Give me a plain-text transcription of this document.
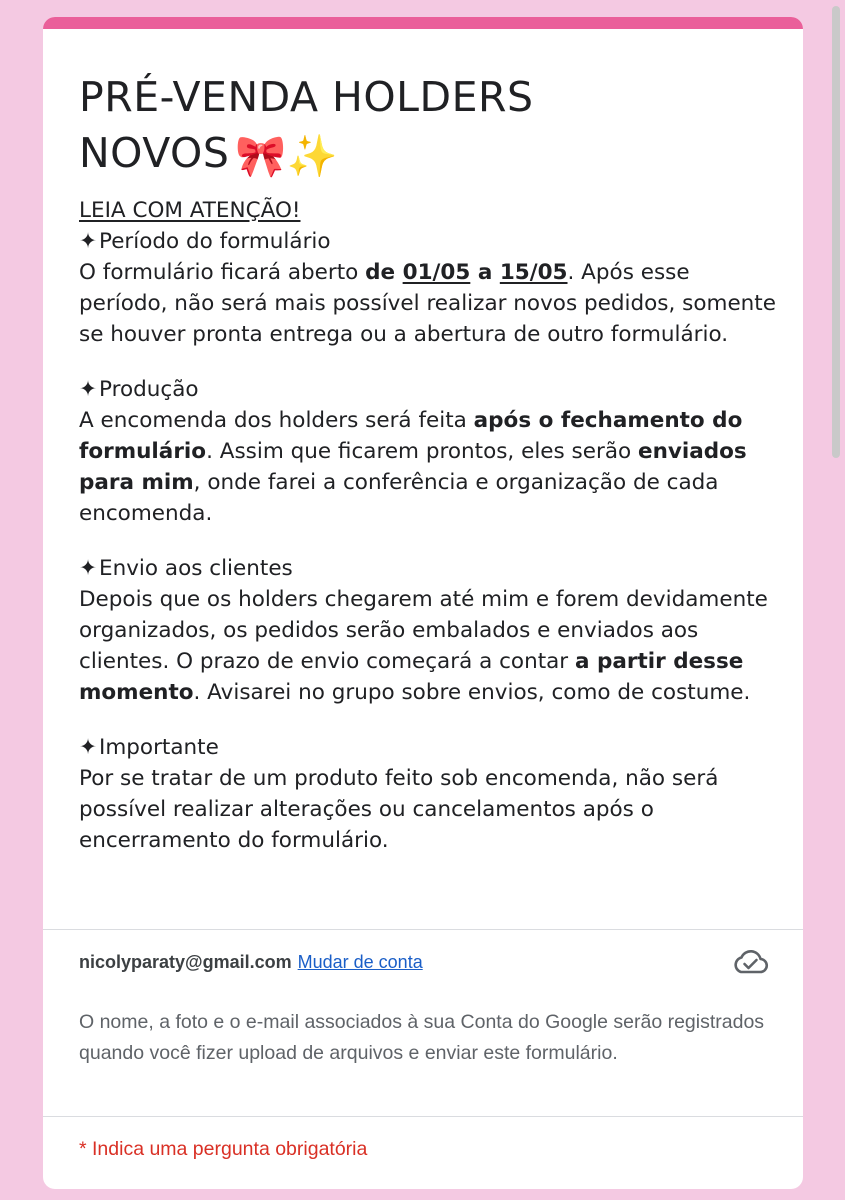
PRÉ-VENDA HOLDERS
NOVOS 🎀✨

LEIA COM ATENÇÃO!

✦Período do formulário

O formulário ficará aberto de 01/05 a 15/05. Após esse período, não será mais possível realizar novos pedidos, somente se houver pronta entrega ou a abertura de outro formulário.

✦Produção

A encomenda dos holders será feita após o fechamento do formulário. Assim que ficarem prontos, eles serão enviados para mim, onde farei a conferência e organização de cada encomenda.

✦Envio aos clientes

Depois que os holders chegarem até mim e forem devidamente organizados, os pedidos serão embalados e enviados aos clientes. O prazo de envio começará a contar a partir desse momento. Avisarei no grupo sobre envios, como de costume.

✦Importante

Por se tratar de um produto feito sob encomenda, não será possível realizar alterações ou cancelamentos após o encerramento do formulário.

nicolyparaty@gmail.com Mudar de conta
O nome, a foto e o e-mail associados à sua Conta do Google serão registrados quando você fizer upload de arquivos e enviar este formulário.
* Indica uma pergunta obrigatória
